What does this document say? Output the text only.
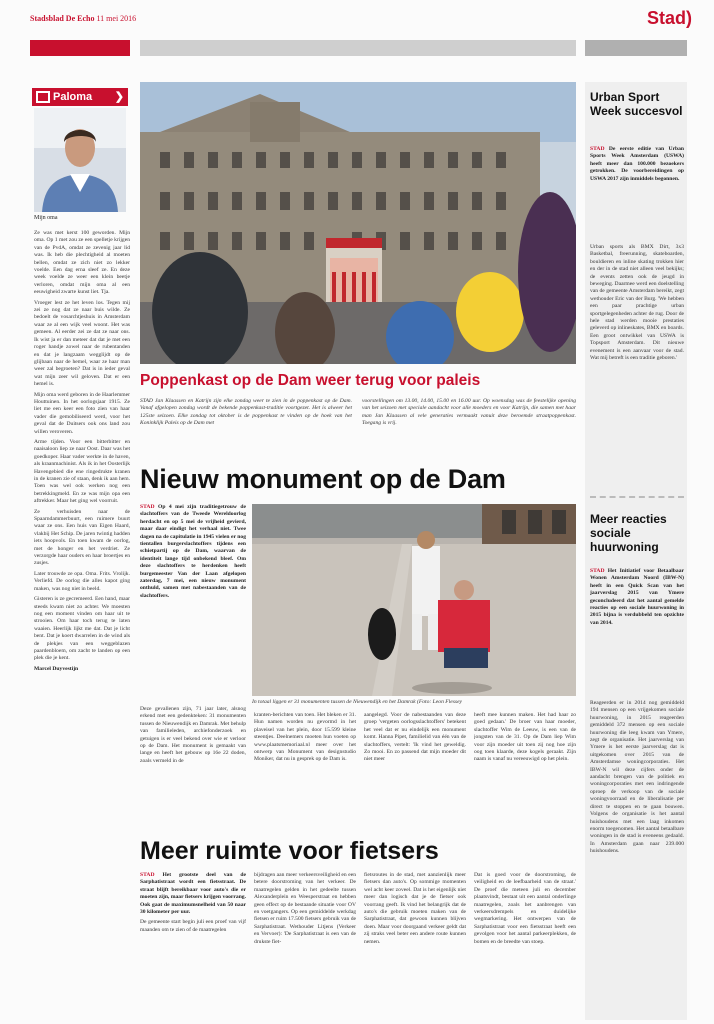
Stadsblad De Echo 11 mei 2016	Stad)
Paloma ❯
Mijn oma

Ze was met kerst 100 geworden. Mijn oma. Op 1 met zou ze een spelletje krijgen van de PvdA, omdat ze zevenig jaar lid was. Ik heb die plechtigheid al moeten bellen, omdat ze zich niet zo lekker voelde. Een dag erna sleef ze. En deze week voelde ze weer een klein beetje verloren, omdat mijn oma al een eeuwigheid zwarte kunst liet. Tja.

Vroeger lest ze het leven los. Tegen mij zei ze nog dat ze naar buis wilde. Ze bedoelt de vosarchtjeshuis in Amsterdam waar ze al een wijk veel woont. Het was gemeen. Al eerder zei ze dat ze naar ons. Ik wist ja er dan meteer dat dat je met een roger handje zowel naar de rubentanden en dat je langzaam wegglijdt op de glijbaan naar de hemel, waar ze haar man weer zal begroeten? Dat is in ieder geval wat mijn zeer wil geloven. Dat er een hemel is.

Mijn oma werd geboren in de Haarlemmer Houttuinen. In het oorlogsjaar 1915. Ze liet me een keer een foto zien van haar vader die gemobiliseerd werd, voor het geval dat de Duitsers ook ons land zou willen veroveren.

Arme tijden. Voor een bitterbitter en naaisaloon liep ze naar Oost. Daar was het goedkoper. Haar vader werkte in de haven, als kraanmachinist. Als ik in het Oosterlijk Havengebied die ene ringedrukte kranen in de kranen zie of staan, denk ik aan hem. Toen was wel ook werken nog een betrekkingmeld. En ze was mijn opa een aftrekker. Maar het ging wel voorruit.

Ze verhuisden naar de Spaarndammerbuurt, een ruimere buurt waar ze ons. Een huis van Eigen Haard, vlakbij Het Schip. De jaren twintig hadden iets hoopvols. En toen kwam de oorlog, met de honger en het verdriet. Ze verzorgde haar ouders en haar broertjes en zusjes.

Later trouwde ze opa. Oma. Frits. Vrolijk. Verliefd. De oorlog die alles kapot ging maken, was nog niet in beeld.

Gisteren is ze gecremeerd. Een hand, maar steeds kwam niet zo achter. We moesten nog een moment vinden om haar uit te strooien. Om haar toch terug te laten waaien. Heerlijk lijkt me dat. Dat je licht bent. Dat je koert dwarrelen in de wind als de plekjes van een weggeblazen paardenbloem, om zacht te landen op een plek die je kent.

Marcel Duyvestijn

Poppenkast op de Dam weer terug voor paleis
STAD Jan Klaassen en Katrijn zijn elke zondag weer te zien in de poppenkast op de Dam. Vanaf afgelopen zondag wordt de bekende poppenkast-traditie voortgezet. Het is alweer het 125ste seizoen. Elke zondag tot oktober is de poppenkast te vinden op de hoek van het Koninklijk Paleis op de Dam met
voorstellingen om 13.00, 14.00, 15.00 en 16.00 uur. Op woensdag was de feestelijke opening van het seizoen met speciale aandacht voor alle moeders en voor Katrijn, die samen met haar man Jan Klaassen al vele generaties vermaakt vanuit deze beroemde straatpoppenkast. Toegang is vrij.
Nieuw monument op de Dam
STAD Op 4 mei zijn traditiegetrouw de slachtoffers van de Tweede Wereldoorlog herdacht en op 5 mei de vrijheid gevierd, maar daar eindigt het verhaal niet. Twee dagen na de capitulatie in 1945 vielen er nog tientallen burgerslachtoffers tijdens een schietpartij op de Dam, waarvan de identiteit lange tijd onbekend bleef. Om deze slachtoffers te herdenken heeft burgemeester Van der Laan afgelopen zaterdag, 7 mei, een nieuw monument onthuld, samen met nabestaanden van de slachtoffers.
In totaal liggen er 31 monumenten tussen de Nieuwendijk en het Damrak (Foto: Leon Flessey
Deze gevallenen zijn, 71 jaar later, alsnog erkend met een gedenkteken: 31 monumenten tussen de Nieuwendijk en Damrak. Met behulp van familieleden, archiefonderzoek en getuigen is er veel bekend over wie er verloor op de Dam. Het monument is gemaakt van lange en heeft het gebouw op 16e 22 doden, zoals vermeld in de
kranten-berichten van toen. Het bleken er 31. Hun namen worden nu gevormd in het plaveisel van het plein, door 15.599 kleine steentjes. Deelnemers moeten hun voeten op www.plaatsmemoriaal.nl meer over het ontwerp van Monument van designstudio Moniker, dat nu in gesprek op de Dam is.
aangelegd. Voor de nabestaanden van deze groep 'vergeten oorlogsslachtoffers' betekent het veel dat er nu eindelijk een monument komt. Hanna Pipet, familielid van één van de slachtoffers, vertelt: 'Ik vind het geweldig. Zo mooi. En zo passend dat mijn moeder dit niet meer
heeft mee kunnen maken. Het had haar zo goed gedaan.' De broer van haar moeder, slachtoffer Wim de Leeuw, is een van de jongsten van de 31. Op de Dam liep Wim voor zijn moeder uit toen zij nog hoe zijn oog toen klaarde, deze kogels geraakt. Zijn naam is vanaf nu vereeuwigd op het plein.
Meer ruimte voor fietsers

STAD Het grootste deel van de Sarphatistraat wordt een fietsstraat. De straat blijft bereikbaar voor auto's die er moeten zijn, maar fietsers krijgen voorrang. Ook gaat de maximumsnelheid van 50 naar 30 kilometer per uur.

De gemeente start begin juli een proef van vijf maanden om te zien of de maatregelen

bijdragen aan meer verkeersveiligheid en een betere doorstroming van het verkeer. De maatregelen gelden in het gedeelte tussen Alexanderplein en Weesperstraat en hebben geen effect op de bestaande situatie voor OV en voetgangers. Op een gemiddelde werkdag fietsen er ruim 17.500 fietsers gebruik van de Sarphatistraat. Wethouder Litjens (Verkeer en Vervoer): 'De Sarphatistraat is een van de drukste fiet-
fietsroutes in de stad, met aanzienlijk meer fietsers dan auto's. Op sommige momenten wel acht keer zoveel. Dat is het eigenlijk niet meer dan logisch dat je de fietser ook voorrang geeft. Ik vind het belangrijk dat de auto's die gebruik moeten maken van de Sarphatistraat, dat gewoon kunnen blijven doen. Maar voor doorgaand verkeer geldt dat zij straks veel beter een andere route kunnen nemen.
Dat is goed voor de doorstroming, de veiligheid en de leefbaarheid van de straat.' De proef die meteen juli en december plaatsvindt, bestaat uit een aantal onderlinge maatregelen, zoals het aanbrengen van verkeersdrempels en duidelijke wegmarkering. Het ontwerpen van de Sarphatistraat voor een fietsstraat heeft een gevolgen voor het aantal parkeerplekken, de bomen en de breedte van stoep.
Urban Sport Week succesvol
STAD De eerste editie van Urban Sports Week Amsterdam (USWA) heeft meer dan 100.000 bezoekers getrokken. De voorbereidingen op USWA 2017 zijn inmiddels begonnen.
Urban sports als BMX Dirt, 3x3 Basketbal, freerunning, skateboarden, bouldieren en inline skating trokken hier en der in de stad niet alleen veel bekijks; de events zetten ook de jeugd in beweging. Daarmee werd een doelstelling van de gemeente Amsterdam bereikt, zegt wethouder Eric van der Burg. 'We hebben een paar prachtige urban sportgelegenheden achter de rug. Door de hele stad werden mooie prestaties geleverd op inlineskates, BMX en boards. Een groot ontwikkel van USWA is Topsport Amsterdam. Dit nieuwe evenement is een aanvaar voor de stad. Wat mij betreft is een traditie geboren.'
Meer reacties sociale huurwoning
STAD Het Initiatief voor Betaalbaar Wonen Amsterdam Noord (IBW-N) heeft in een Quick Scan van het jaarverslag 2015 van Ymere geconcludeerd dat het aantal gemelde reacties op een sociale huurwoning in 2015 bijna is verdubbeld ten opzichte van 2014.
Reageerden er in 2014 nog gemiddeld 194 mensen op een vrijgekomen sociale huurwoning, in 2015 reageerden gemiddeld 372 mensen op een sociale huurwoning die leeg kwam van Ymere, zegt de organisatie. Het jaarverslag van Ymere is het eerste jaarverslag dat is uitgekomen over 2015 van de Amsterdamse woningcorporaties. Het IBW-N wil deze cijfers onder de aandacht brengen van de politiek en woningcorporaties met een indringende oproep de verkoop van de sociale woningvoorraad en de liberalisatie per direct te stoppen en te gaan bouwen. Volgens de organisatie is het aantal huishoudens met een laag inkomen enorm toegenomen. Het aantal betaalbare woningen in de stad is eveneens gedaald. In Amsterdam gaan naar 239.000 huishoudens.
